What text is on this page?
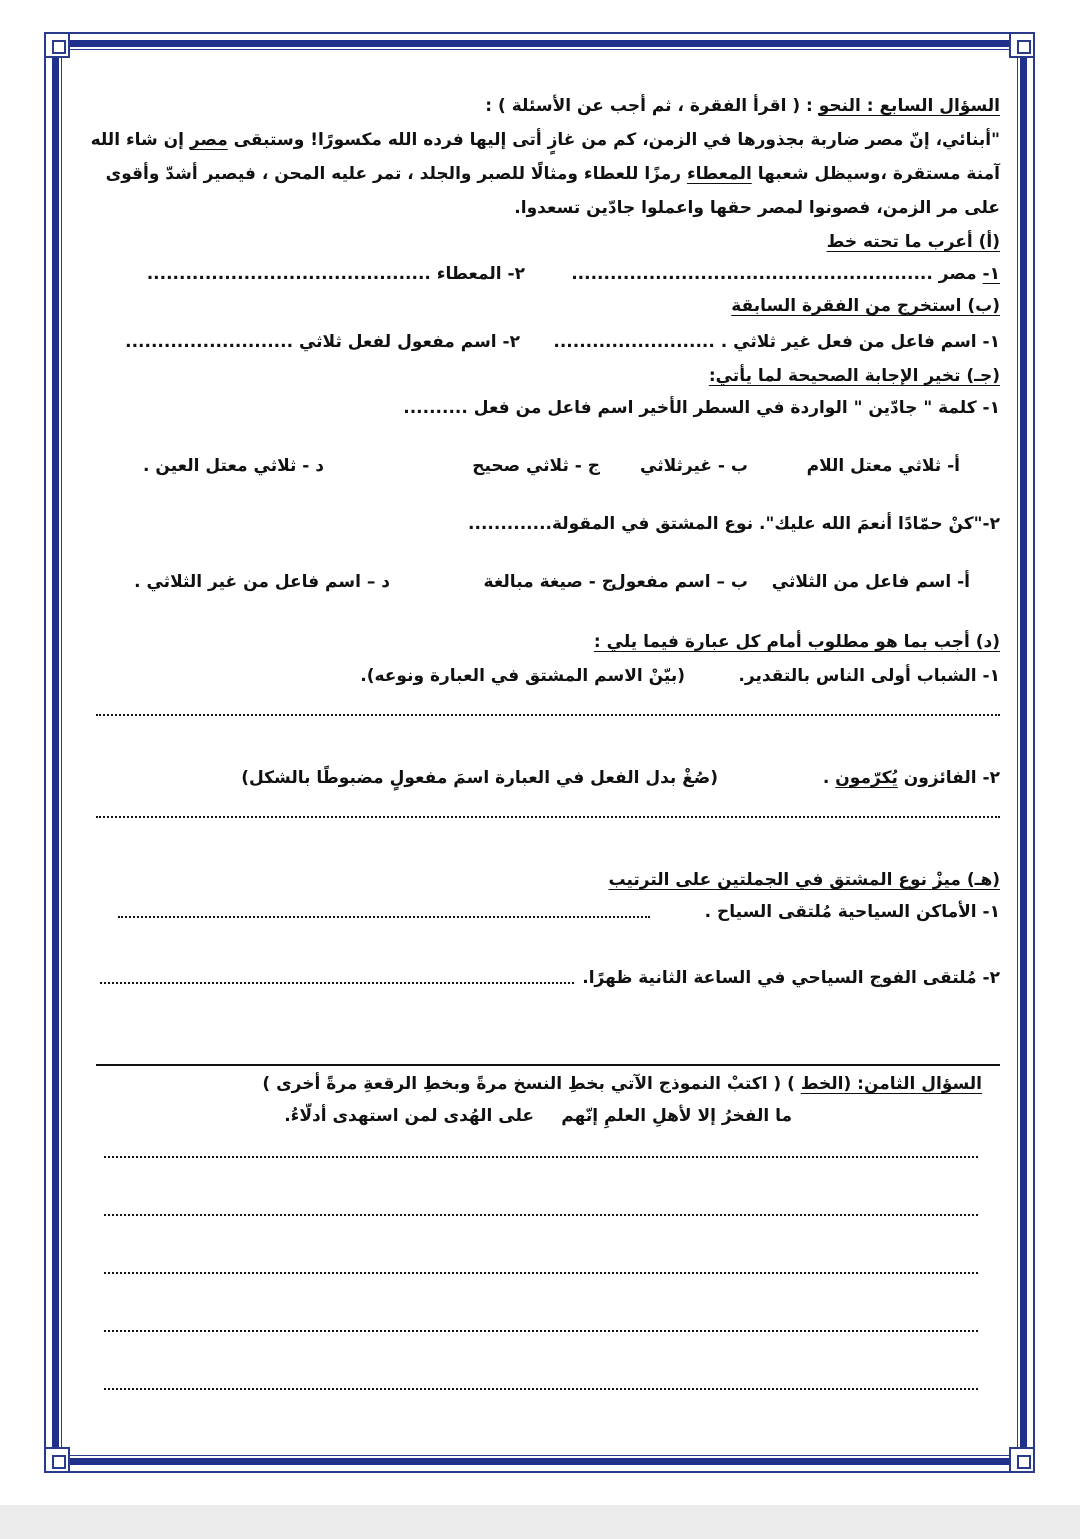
السؤال السابع : النحو : ( اقرأ الفقرة ، ثم أجب عن الأسئلة ) :
"أبنائي، إنّ مصر ضاربة بجذورها في الزمن، كم من غازٍ أتى إليها فرده الله مكسورًا! وستبقى مصر إن شاء الله
آمنة مستقرة ،وسيظل شعبها المعطاء رمزًا للعطاء ومثالًا للصبر والجلد ، تمر عليه المحن ، فيصير أشدّ وأقوى
على مر الزمن، فصونوا لمصر حقها واعملوا جادّين تسعدوا.
(أ) أعرب ما تحته خط
١- مصر ........................................................
٢- المعطاء ............................................
(ب) استخرج من الفقرة السابقة
١- اسم فاعل من فعل غير ثلاثي . .........................
٢- اسم مفعول لفعل ثلاثي ..........................
(جـ) تخير الإجابة الصحيحة لما يأتي:
١- كلمة " جادّين " الواردة في السطر الأخير اسم فاعل من فعل ..........
أ- ثلاثي معتل اللام
ب - غيرثلاثي
ج - ثلاثي صحيح
د - ثلاثي معتل العين .
٢-"كنْ حمّادًا أنعمَ الله عليك". نوع المشتق في المقولة.............
أ- اسم فاعل من الثلاثي
ب – اسم مفعول
ج - صيغة مبالغة
د – اسم فاعل من غير الثلاثي .
(د) أجب بما هو مطلوب أمام كل عبارة فيما يلي :
١- الشباب أولى الناس بالتقدير.
(بيّنْ الاسم المشتق في العبارة ونوعه).
٢- الفائزون يُكرّمون .
(صُغْ بدل الفعل في العبارة اسمَ مفعولٍ مضبوطًا بالشكل)
(هـ) ميزْ نوع المشتق في الجملتين على الترتيب
١- الأماكن السياحية مُلتقى السياح .
٢- مُلتقى الفوج السياحي في الساعة الثانية ظهرًا.
السؤال الثامن: (الخط ) ( اكتبْ النموذج الآتي بخطِ النسخ مرةً وبخطِ الرقعةِ مرةً أخرى )
ما الفخرُ إلا لأهلِ العلمِ إنّهم
على الهُدى لمن استهدى أدلّاءُ.
